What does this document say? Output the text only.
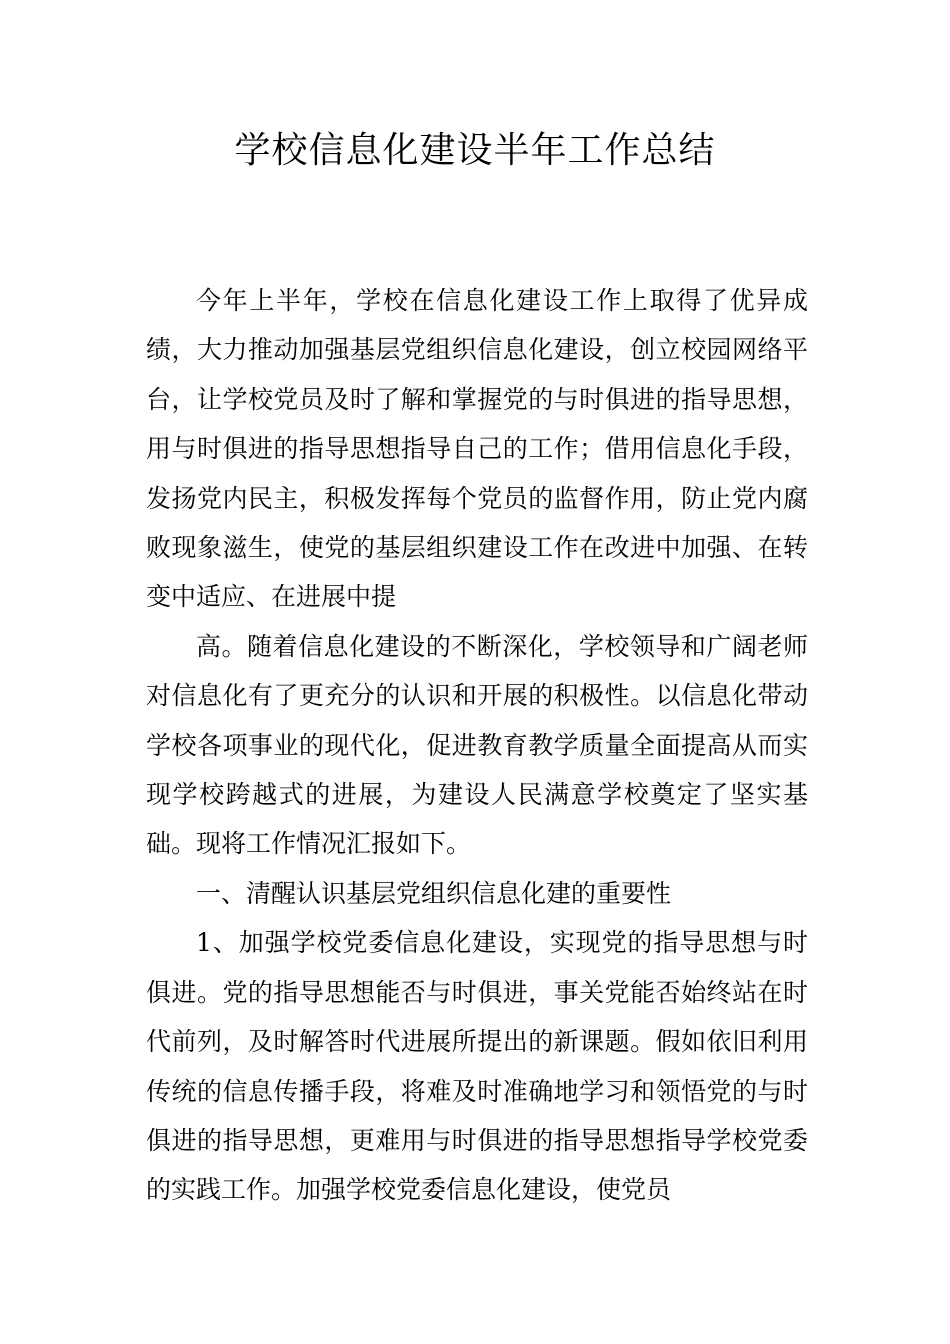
学校信息化建设半年工作总结

今年上半年，学校在信息化建设工作上取得了优异成绩，大力推动加强基层党组织信息化建设，创立校园网络平台，让学校党员及时了解和掌握党的与时俱进的指导思想，用与时俱进的指导思想指导自己的工作；借用信息化手段，发扬党内民主，积极发挥每个党员的监督作用，防止党内腐败现象滋生，使党的基层组织建设工作在改进中加强、在转变中适应、在进展中提

高。随着信息化建设的不断深化，学校领导和广阔老师对信息化有了更充分的认识和开展的积极性。以信息化带动学校各项事业的现代化，促进教育教学质量全面提高从而实现学校跨越式的进展，为建设人民满意学校奠定了坚实基础。现将工作情况汇报如下。

一、清醒认识基层党组织信息化建的重要性

1、加强学校党委信息化建设，实现党的指导思想与时俱进。党的指导思想能否与时俱进，事关党能否始终站在时代前列，及时解答时代进展所提出的新课题。假如依旧利用传统的信息传播手段，将难及时准确地学习和领悟党的与时俱进的指导思想，更难用与时俱进的指导思想指导学校党委的实践工作。加强学校党委信息化建设，使党员
